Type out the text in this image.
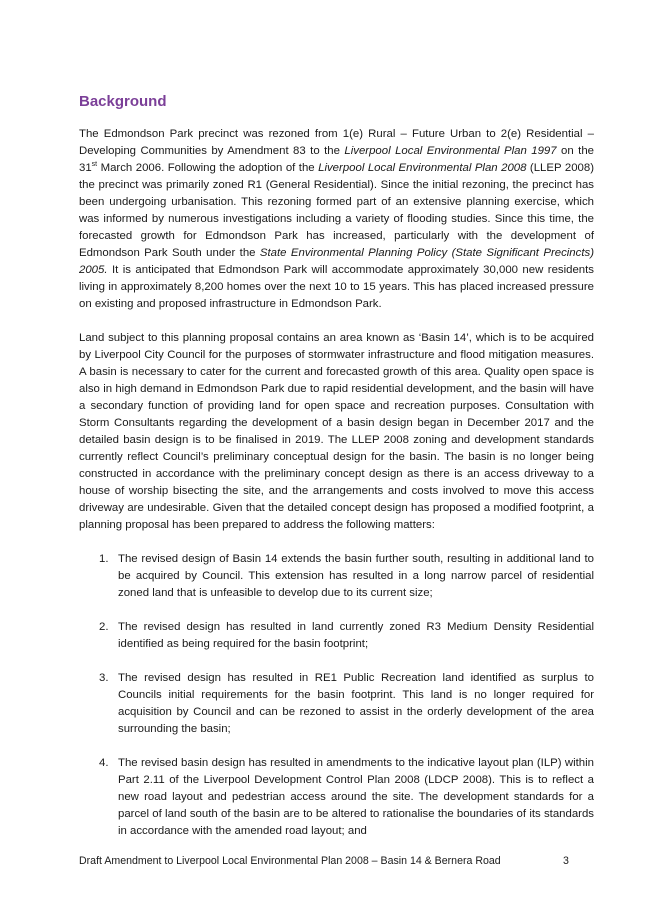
Background

The Edmondson Park precinct was rezoned from 1(e) Rural – Future Urban to 2(e) Residential – Developing Communities by Amendment 83 to the Liverpool Local Environmental Plan 1997 on the 31st March 2006. Following the adoption of the Liverpool Local Environmental Plan 2008 (LLEP 2008) the precinct was primarily zoned R1 (General Residential). Since the initial rezoning, the precinct has been undergoing urbanisation. This rezoning formed part of an extensive planning exercise, which was informed by numerous investigations including a variety of flooding studies. Since this time, the forecasted growth for Edmondson Park has increased, particularly with the development of Edmondson Park South under the State Environmental Planning Policy (State Significant Precincts) 2005. It is anticipated that Edmondson Park will accommodate approximately 30,000 new residents living in approximately 8,200 homes over the next 10 to 15 years. This has placed increased pressure on existing and proposed infrastructure in Edmondson Park.

Land subject to this planning proposal contains an area known as ‘Basin 14’, which is to be acquired by Liverpool City Council for the purposes of stormwater infrastructure and flood mitigation measures. A basin is necessary to cater for the current and forecasted growth of this area. Quality open space is also in high demand in Edmondson Park due to rapid residential development, and the basin will have a secondary function of providing land for open space and recreation purposes. Consultation with Storm Consultants regarding the development of a basin design began in December 2017 and the detailed basin design is to be finalised in 2019. The LLEP 2008 zoning and development standards currently reflect Council’s preliminary conceptual design for the basin. The basin is no longer being constructed in accordance with the preliminary concept design as there is an access driveway to a house of worship bisecting the site, and the arrangements and costs involved to move this access driveway are undesirable. Given that the detailed concept design has proposed a modified footprint, a planning proposal has been prepared to address the following matters:

1. The revised design of Basin 14 extends the basin further south, resulting in additional land to be acquired by Council. This extension has resulted in a long narrow parcel of residential zoned land that is unfeasible to develop due to its current size;
2. The revised design has resulted in land currently zoned R3 Medium Density Residential identified as being required for the basin footprint;
3. The revised design has resulted in RE1 Public Recreation land identified as surplus to Councils initial requirements for the basin footprint. This land is no longer required for acquisition by Council and can be rezoned to assist in the orderly development of the area surrounding the basin;
4. The revised basin design has resulted in amendments to the indicative layout plan (ILP) within Part 2.11 of the Liverpool Development Control Plan 2008 (LDCP 2008). This is to reflect a new road layout and pedestrian access around the site. The development standards for a parcel of land south of the basin are to be altered to rationalise the boundaries of its standards in accordance with the amended road layout; and
Draft Amendment to Liverpool Local Environmental Plan 2008 – Basin 14 & Bernera Road	3
